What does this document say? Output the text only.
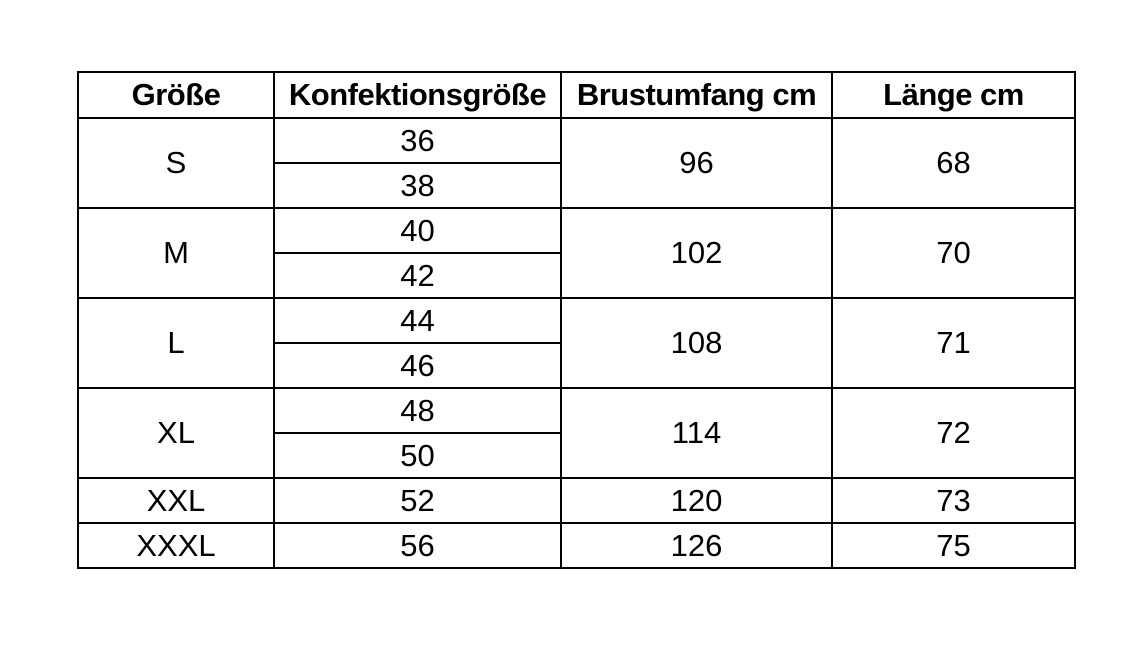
Größe	Konfektionsgröße	Brustumfang cm	Länge cm
S	36	96	68
	38		
M	40	102	70
	42		
L	44	108	71
	46		
XL	48	114	72
	50		
XXL	52	120	73
XXXL	56	126	75
